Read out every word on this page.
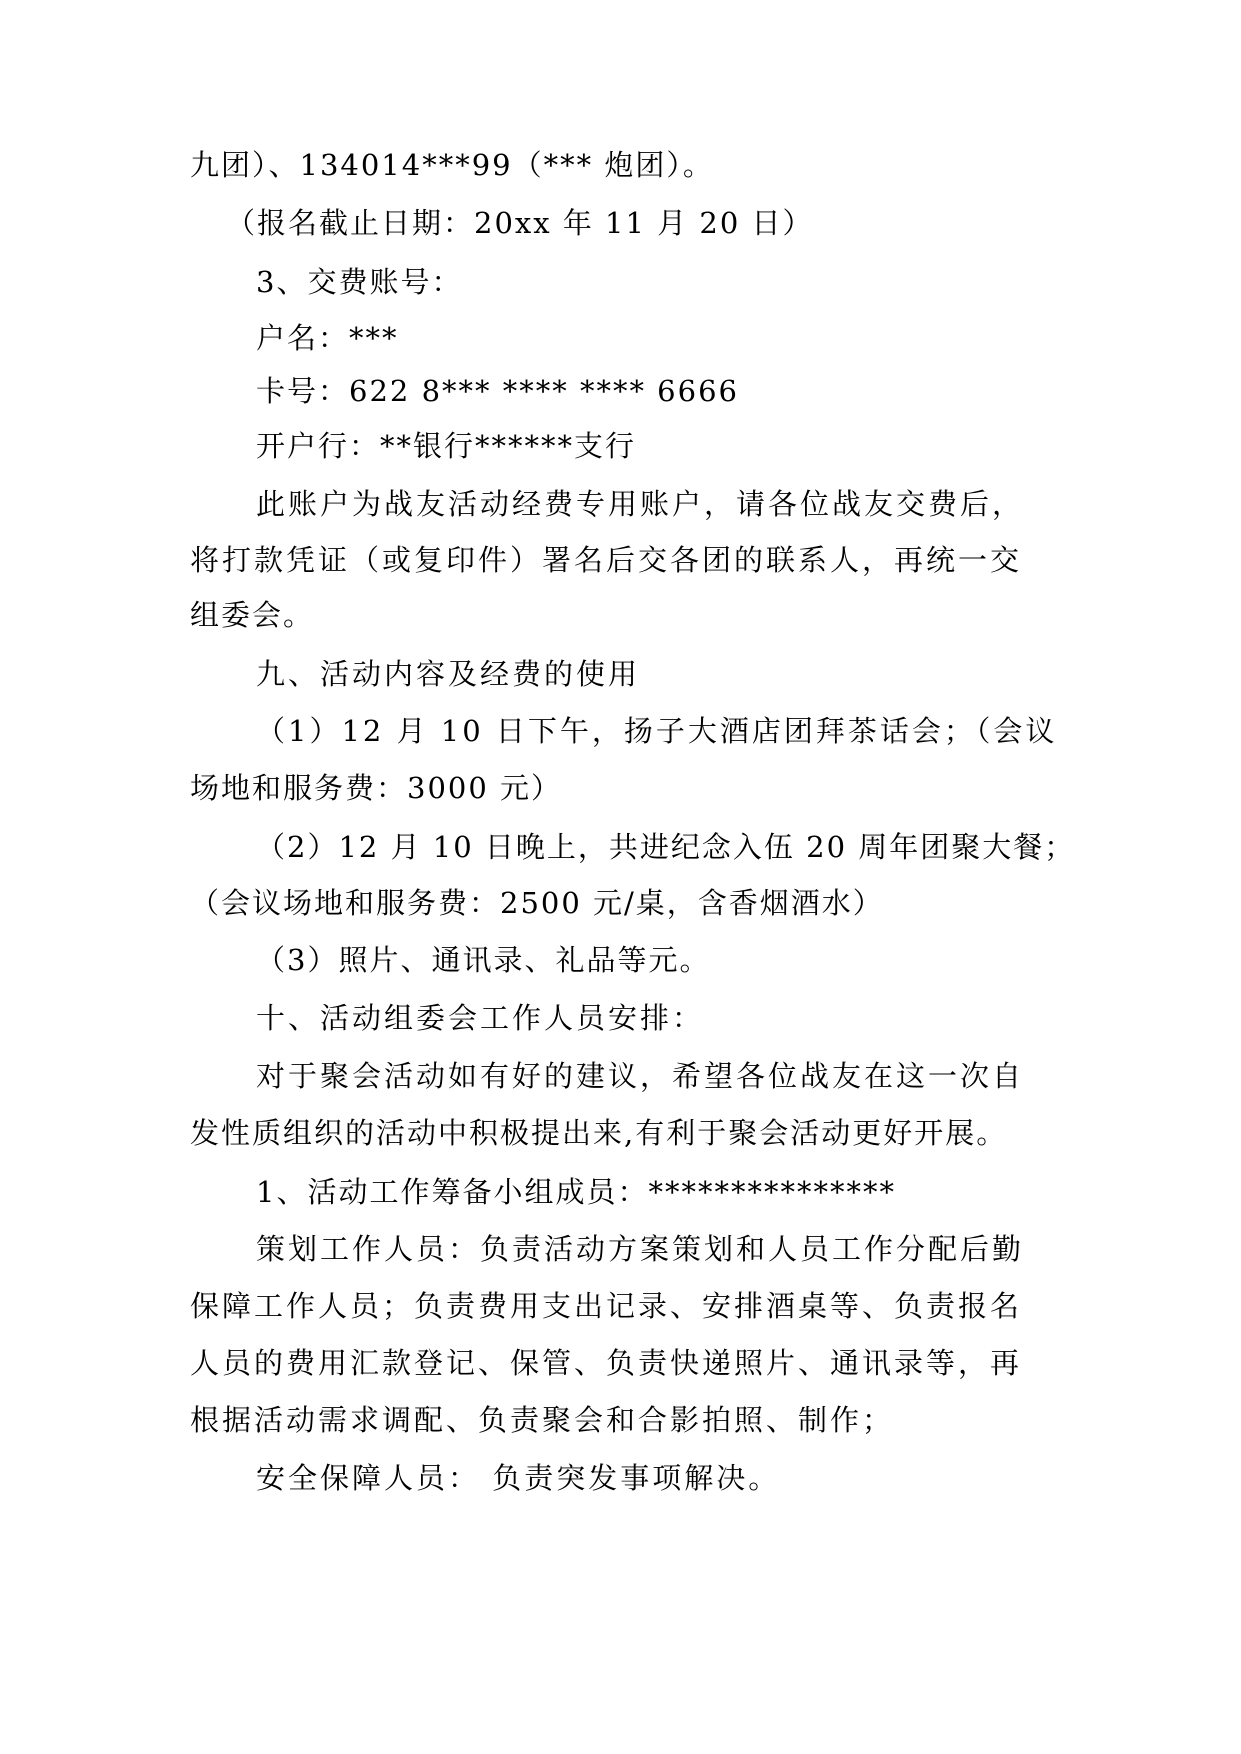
九团）、134014***99（*** 炮团）。
（报名截止日期：20xx 年 11 月 20 日）
3、交费账号：
户名：***
卡号：622 8*** **** **** 6666
开户行：**银行******支行
此账户为战友活动经费专用账户，请各位战友交费后，
将打款凭证（或复印件）署名后交各团的联系人，再统一交
组委会。
九、活动内容及经费的使用
（1）12 月 10 日下午，扬子大酒店团拜茶话会；（会议
场地和服务费：3000 元）
（2）12 月 10 日晚上，共进纪念入伍 20 周年团聚大餐；
（会议场地和服务费：2500 元/桌，含香烟酒水）
（3）照片、通讯录、礼品等元。
十、活动组委会工作人员安排：
对于聚会活动如有好的建议，希望各位战友在这一次自
发性质组织的活动中积极提出来,有利于聚会活动更好开展。
1、活动工作筹备小组成员：***************
策划工作人员：负责活动方案策划和人员工作分配后勤
保障工作人员；负责费用支出记录、安排酒桌等、负责报名
人员的费用汇款登记、保管、负责快递照片、通讯录等，再
根据活动需求调配、负责聚会和合影拍照、制作；
安全保障人员： 负责突发事项解决。
